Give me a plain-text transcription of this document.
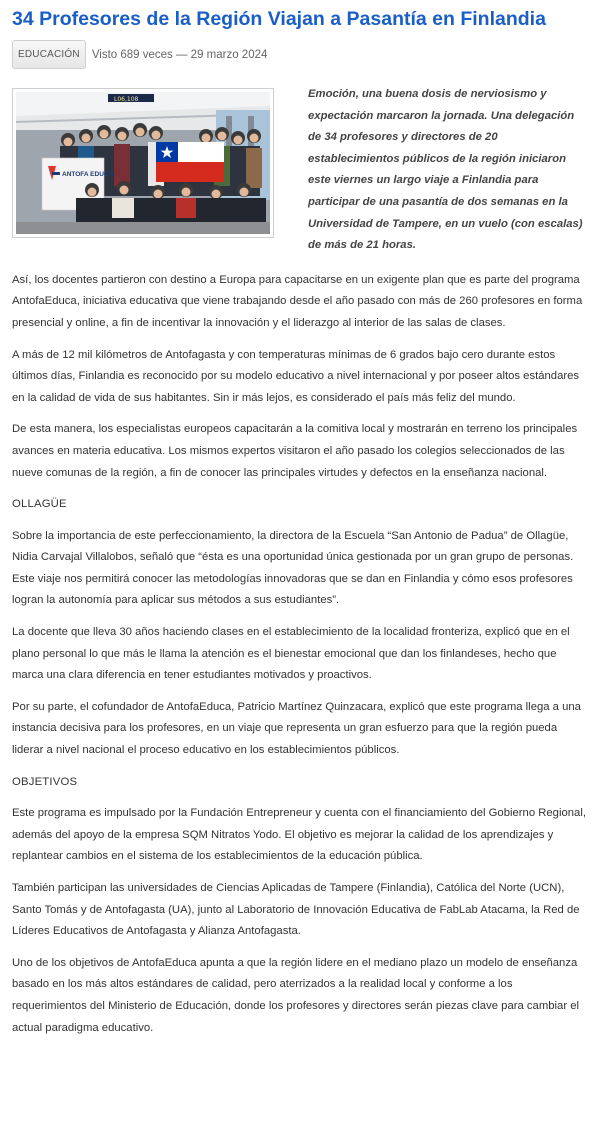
34 Profesores de la Región Viajan a Pasantía en Finlandia
EDUCACIÓN	Visto 689 veces — 29 marzo 2024
L06,108
ANTOFA EDUCA
Emoción, una buena dosis de nerviosismo y expectación marcaron la jornada. Una delegación de 34 profesores y directores de 20 establecimientos públicos de la región iniciaron este viernes un largo viaje a Finlandia para participar de una pasantía de dos semanas en la Universidad de Tampere, en un vuelo (con escalas) de más de 21 horas.

Así, los docentes partieron con destino a Europa para capacitarse en un exigente plan que es parte del programa AntofaEduca, iniciativa educativa que viene trabajando desde el año pasado con más de 260 profesores en forma presencial y online, a fin de incentivar la innovación y el liderazgo al interior de las salas de clases.

A más de 12 mil kilómetros de Antofagasta y con temperaturas mínimas de 6 grados bajo cero durante estos últimos días, Finlandia es reconocido por su modelo educativo a nivel internacional y por poseer altos estándares en la calidad de vida de sus habitantes. Sin ir más lejos, es considerado el país más feliz del mundo.

De esta manera, los especialistas europeos capacitarán a la comitiva local y mostrarán en terreno los principales avances en materia educativa. Los mismos expertos visitaron el año pasado los colegios seleccionados de las nueve comunas de la región, a fin de conocer las principales virtudes y defectos en la enseñanza nacional.

OLLAGÜE

Sobre la importancia de este perfeccionamiento, la directora de la Escuela “San Antonio de Padua” de Ollagüe, Nidia Carvajal Villalobos, señaló que “ésta es una oportunidad única gestionada por un gran grupo de personas. Este viaje nos permitirá conocer las metodologías innovadoras que se dan en Finlandia y cómo esos profesores logran la autonomía para aplicar sus métodos a sus estudiantes”.

La docente que lleva 30 años haciendo clases en el establecimiento de la localidad fronteriza, explicó que en el plano personal lo que más le llama la atención es el bienestar emocional que dan los finlandeses, hecho que marca una clara diferencia en tener estudiantes motivados y proactivos.

Por su parte, el cofundador de AntofaEduca, Patricio Martínez Quinzacara, explicó que este programa llega a una instancia decisiva para los profesores, en un viaje que representa un gran esfuerzo para que la región pueda liderar a nivel nacional el proceso educativo en los establecimientos públicos.

OBJETIVOS

Este programa es impulsado por la Fundación Entrepreneur y cuenta con el financiamiento del Gobierno Regional, además del apoyo de la empresa SQM Nitratos Yodo. El objetivo es mejorar la calidad de los aprendizajes y replantear cambios en el sistema de los establecimientos de la educación pública.

También participan las universidades de Ciencias Aplicadas de Tampere (Finlandia), Católica del Norte (UCN), Santo Tomás y de Antofagasta (UA), junto al Laboratorio de Innovación Educativa de FabLab Atacama, la Red de Líderes Educativos de Antofagasta y Alianza Antofagasta.

Uno de los objetivos de AntofaEduca apunta a que la región lidere en el mediano plazo un modelo de enseñanza basado en los más altos estándares de calidad, pero aterrizados a la realidad local y conforme a los requerimientos del Ministerio de Educación, donde los profesores y directores serán piezas clave para cambiar el actual paradigma educativo.
